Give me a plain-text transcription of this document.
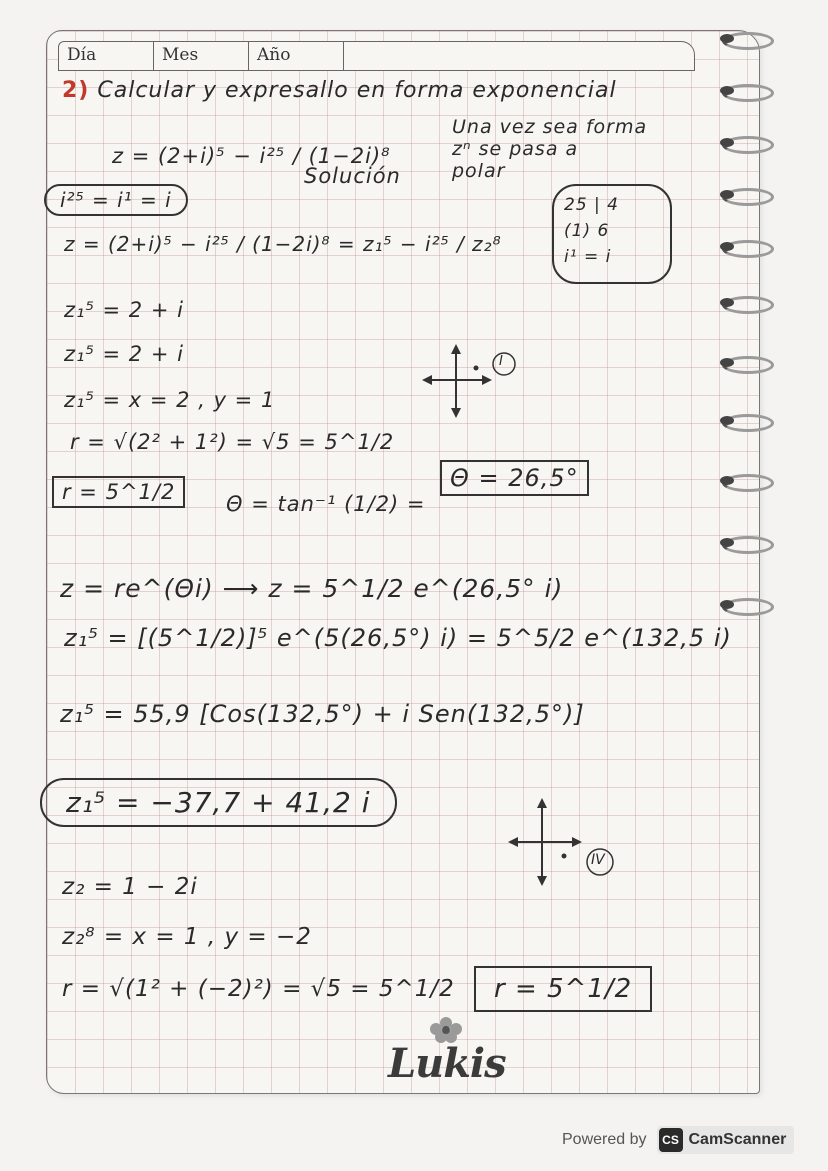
Día	Mes	Año
2) Calcular y expresallo en forma exponencial
Una vez sea forma
zⁿ se pasa a
polar
z = (2+i)⁵ − i²⁵ / (1−2i)⁸
Solución
i²⁵ = i¹ = i	25 | 4
(1) 6
i¹ = i
z = (2+i)⁵ − i²⁵ / (1−2i)⁸ = z₁⁵ − i²⁵ / z₂⁸
z₁⁵ = 2 + i
z₁⁵ = 2 + i	I
z₁⁵ = x = 2 , y = 1
r = √(2² + 1²) = √5 = 5^1/2
r = 5^1/2	Θ = tan⁻¹ (1/2) =
Θ = 26,5°
z = re^(Θi) ⟶ z = 5^1/2 e^(26,5° i)
z₁⁵ = [(5^1/2)]⁵ e^(5(26,5°) i) = 5^5/2 e^(132,5 i)
z₁⁵ = 55,9 [Cos(132,5°) + i Sen(132,5°)]
z₁⁵ = −37,7 + 41,2 i
IV
z₂ = 1 − 2i
z₂⁸ = x = 1 , y = −2
r = √(1² + (−2)²) = √5 = 5^1/2	r = 5^1/2
Lukis
Powered by	CS CamScanner
